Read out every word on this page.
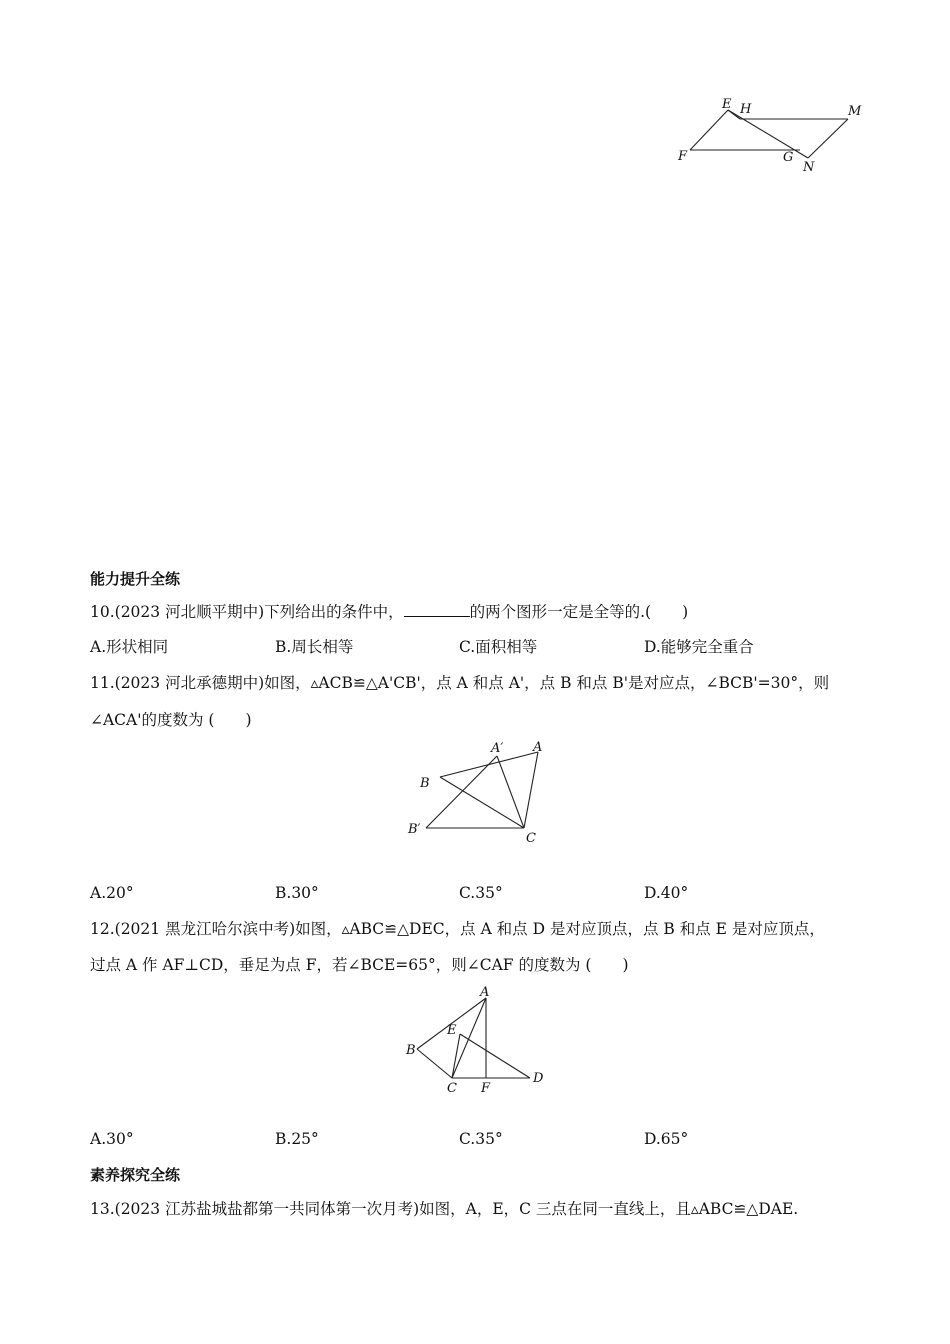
E H	M
F	G
N
能力提升全练
10.(2023 河北顺平期中)下列给出的条件中，	的两个图形一定是全等的.(　　)
A.形状相同	B.周长相等	C.面积相等	D.能够完全重合
11.(2023 河北承德期中)如图，▵ACB≌△A'CB'，点 A 和点 A'，点 B 和点 B'是对应点，∠BCB'=30°，则
∠ACA'的度数为 (　　)
A′ A
B
B′
C
A.20°	B.30°	C.35°	D.40°
12.(2021 黑龙江哈尔滨中考)如图，▵ABC≌△DEC，点 A 和点 D 是对应顶点，点 B 和点 E 是对应顶点，
过点 A 作 AF⊥CD，垂足为点 F，若∠BCE=65°，则∠CAF 的度数为 (　　)
A
E
B
C F
D
A.30°	B.25°	C.35°	D.65°
素养探究全练
13.(2023 江苏盐城盐都第一共同体第一次月考)如图，A，E，C 三点在同一直线上，且▵ABC≌△DAE.
